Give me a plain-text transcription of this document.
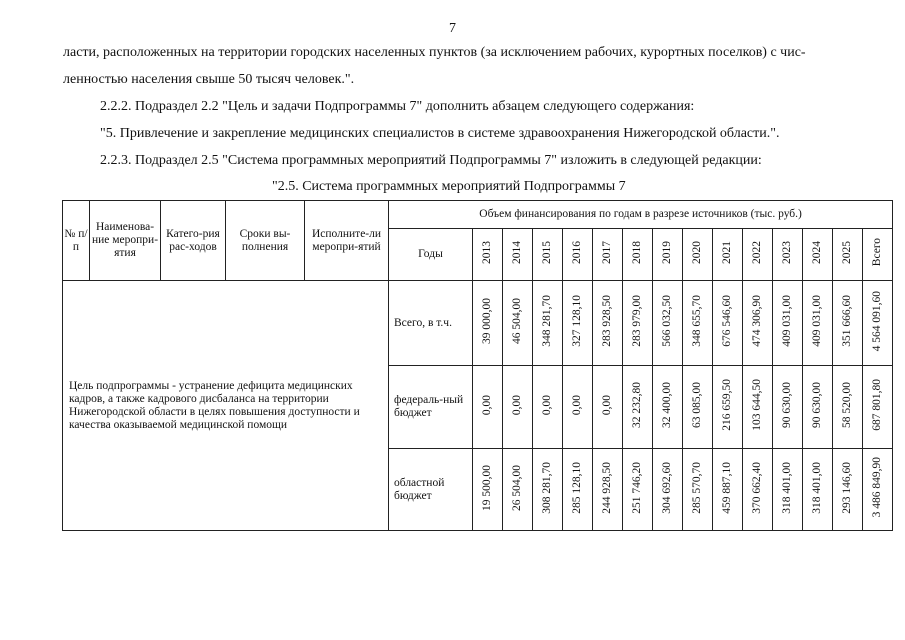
7
ласти, расположенных на территории городских населенных пунктов (за исключением рабочих, курортных поселков) с чис-
ленностью населения свыше 50 тысяч человек.".
2.2.2. Подраздел 2.2 "Цель и задачи Подпрограммы 7" дополнить абзацем следующего содержания:
"5. Привлечение и закрепление медицинских специалистов в системе здравоохранения Нижегородской области.".
2.2.3. Подраздел 2.5 "Система программных мероприятий Подпрограммы 7" изложить в следующей редакции:
"2.5. Система программных мероприятий Подпрограммы 7
№ п/п	Наименова-ние меропри-ятия	Катего-рия рас-ходов	Сроки вы-полнения	Исполните-ли меропри-ятий	Объем финансирования по годам в разрезе источников (тыс. руб.)														
					Годы	2013	2014	2015	2016	2017	2018	2019	2020	2021	2022	2023	2024	2025	Всего
Цель подпрограммы - устранение дефицита медицинских кадров, а также кадрового дисбаланса на территории Нижегородской области в целях повышения доступности и качества оказываемой медицинской помощи					Всего, в т.ч.	39 000,00	46 504,00	348 281,70	327 128,10	283 928,50	283 979,00	566 032,50	348 655,70	676 546,60	474 306,90	409 031,00	409 031,00	351 666,60	4 564 091,60
					федераль-ный бюджет	0,00	0,00	0,00	0,00	0,00	32 232,80	32 400,00	63 085,00	216 659,50	103 644,50	90 630,00	90 630,00	58 520,00	687 801,80
					областной бюджет	19 500,00	26 504,00	308 281,70	285 128,10	244 928,50	251 746,20	304 692,60	285 570,70	459 887,10	370 662,40	318 401,00	318 401,00	293 146,60	3 486 849,90
